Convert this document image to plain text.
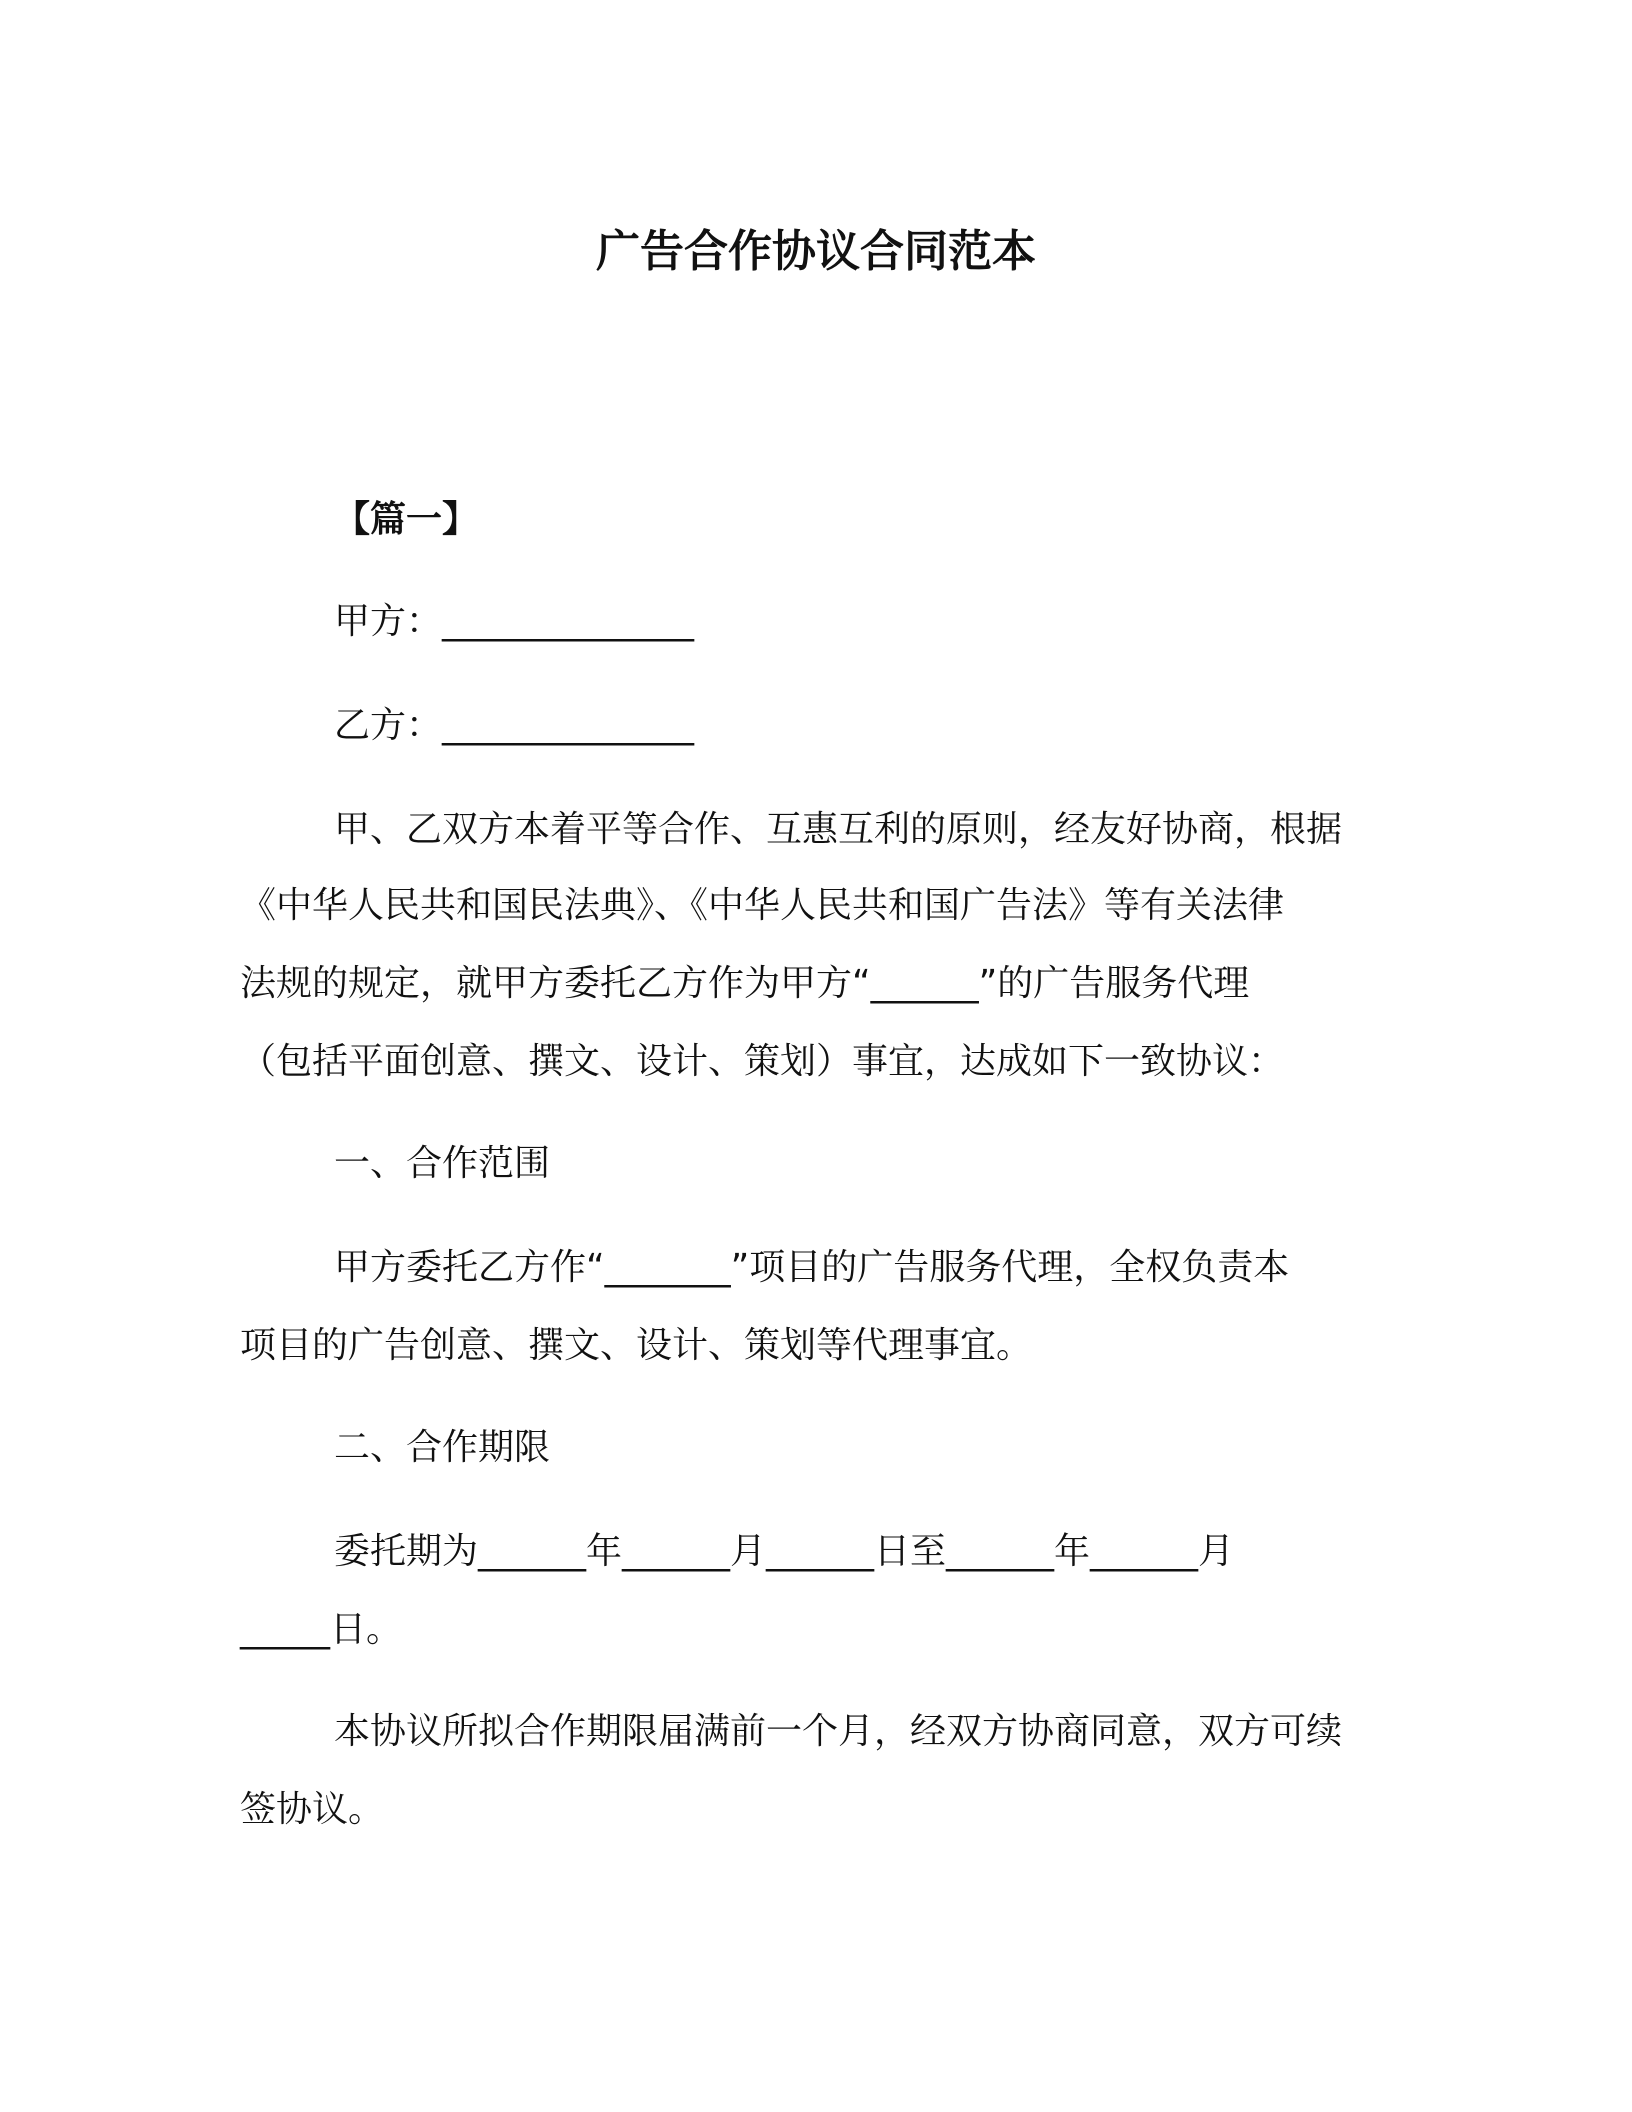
广告合作协议合同范本
【篇一】
甲方：______________
乙方：______________
甲、乙双方本着平等合作、互惠互利的原则，经友好协商，根据
《中华人民共和国民法典》、《中华人民共和国广告法》等有关法律
法规的规定，就甲方委托乙方作为甲方“______”的广告服务代理
（包括平面创意、撰文、设计、策划）事宜，达成如下一致协议：
一、合作范围
甲方委托乙方作“_______”项目的广告服务代理，全权负责本
项目的广告创意、撰文、设计、策划等代理事宜。
二、合作期限
委托期为______年______月______日至______年______月
_____日。
本协议所拟合作期限届满前一个月，经双方协商同意，双方可续
签协议。
